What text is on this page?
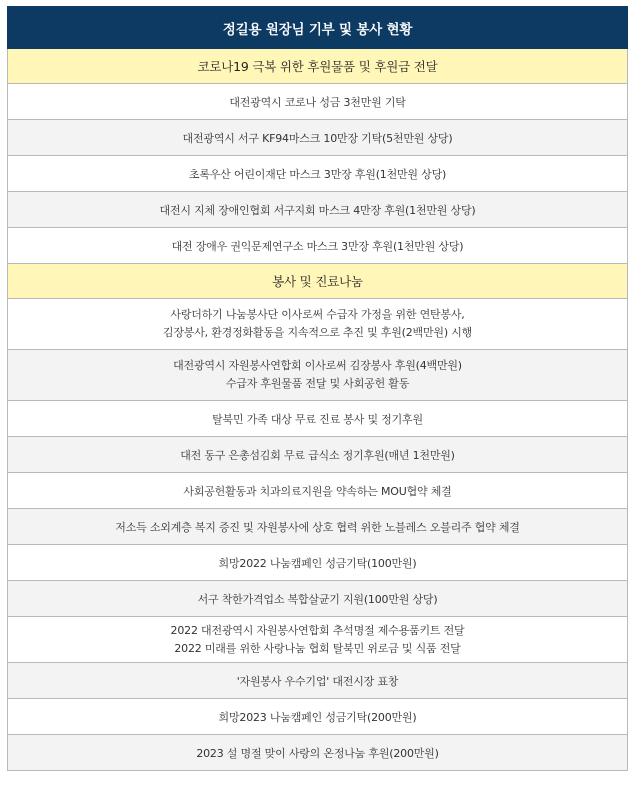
정길용 원장님 기부 및 봉사 현황
코로나19 극복 위한 후원물품 및 후원금 전달

대전광역시 코로나 성금 3천만원 기탁

대전광역시 서구 KF94마스크 10만장 기탁(5천만원 상당)

초록우산 어린이재단 마스크 3만장 후원(1천만원 상당)

대전시 지체 장애인협회 서구지회 마스크 4만장 후원(1천만원 상당)

대전 장애우 권익문제연구소 마스크 3만장 후원(1천만원 상당)

봉사 및 진료나눔

사랑더하기 나눔봉사단 이사로써 수급자 가정을 위한 연탄봉사,
김장봉사, 환경정화활동을 지속적으로 추진 및 후원(2백만원) 시행

대전광역시 자원봉사연합회 이사로써 김장봉사 후원(4백만원)
수급자 후원물품 전달 및 사회공헌 활동

탈북민 가족 대상 무료 진료 봉사 및 정기후원

대전 동구 은총섬김회 무료 급식소 정기후원(매년 1천만원)

사회공헌활동과 치과의료지원을 약속하는 MOU협약 체결

저소득 소외계층 복지 증진 및 자원봉사에 상호 협력 위한 노블레스 오블리주 협약 체결

희망2022 나눔캠페인 성금기탁(100만원)

서구 착한가격업소 복합살균기 지원(100만원 상당)

2022 대전광역시 자원봉사연합회 추석명절 제수용품키트 전달
2022 미래를 위한 사랑나눔 협회 탈북민 위로금 및 식품 전달

'자원봉사 우수기업' 대전시장 표창

희망2023 나눔캠페인 성금기탁(200만원)

2023 설 명절 맞이 사랑의 온정나눔 후원(200만원)
